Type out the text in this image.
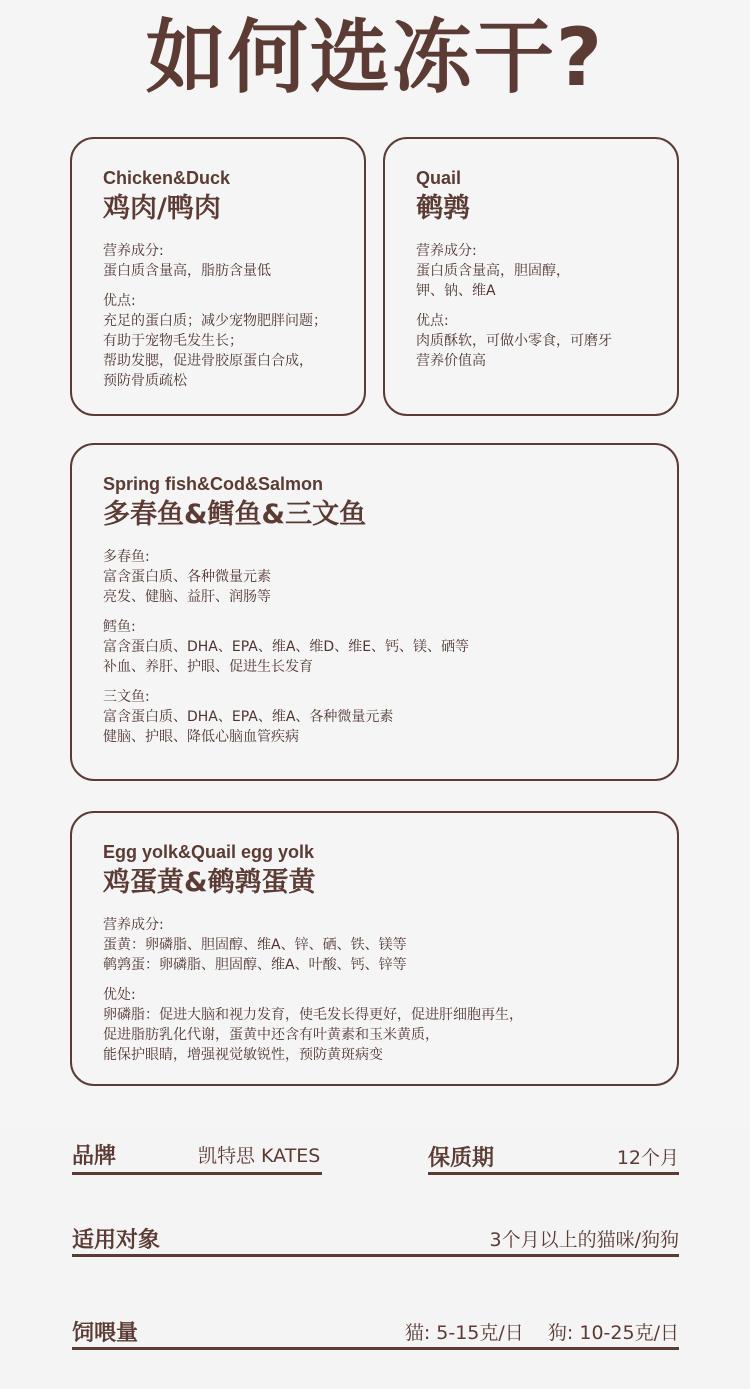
如何选冻干?
Chicken&Duck
鸡肉/鸭肉
营养成分:
蛋白质含量高，脂肪含量低
优点:
充足的蛋白质；减少宠物肥胖问题；
有助于宠物毛发生长；
帮助发腮，促进骨胶原蛋白合成，
预防骨质疏松
Quail
鹌鹑
营养成分:
蛋白质含量高，胆固醇，
钾、钠、维A
优点:
肉质酥软，可做小零食，可磨牙
营养价值高
Spring fish&Cod&Salmon
多春鱼&鳕鱼&三文鱼
多春鱼:
富含蛋白质、各种微量元素
亮发、健脑、益肝、润肠等
鳕鱼:
富含蛋白质、DHA、EPA、维A、维D、维E、钙、镁、硒等
补血、养肝、护眼、促进生长发育
三文鱼:
富含蛋白质、DHA、EPA、维A、各种微量元素
健脑、护眼、降低心脑血管疾病
Egg yolk&Quail egg yolk
鸡蛋黄&鹌鹑蛋黄
营养成分:
蛋黄：卵磷脂、胆固醇、维A、锌、硒、铁、镁等
鹌鹑蛋：卵磷脂、胆固醇、维A、叶酸、钙、锌等
优处:
卵磷脂：促进大脑和视力发育，使毛发长得更好，促进肝细胞再生，
促进脂肪乳化代谢，蛋黄中还含有叶黄素和玉米黄质，
能保护眼睛，增强视觉敏锐性，预防黄斑病变
品牌	凯特思 KATES	保质期	12个月
适用对象	3个月以上的猫咪/狗狗
饲喂量	猫: 5-15克/日    狗: 10-25克/日
